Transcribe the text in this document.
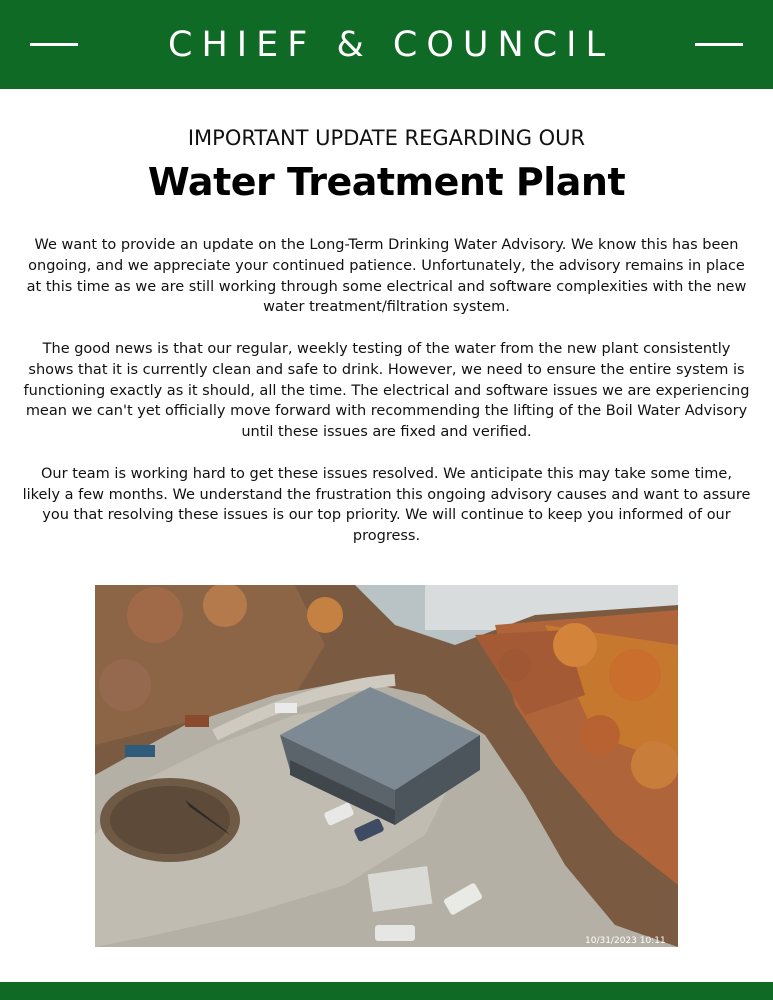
CHIEF & COUNCIL
IMPORTANT UPDATE REGARDING OUR
Water Treatment Plant

We want to provide an update on the Long-Term Drinking Water Advisory. We know this has been ongoing, and we appreciate your continued patience. Unfortunately, the advisory remains in place at this time as we are still working through some electrical and software complexities with the new water treatment/filtration system.

The good news is that our regular, weekly testing of the water from the new plant consistently shows that it is currently clean and safe to drink. However, we need to ensure the entire system is functioning exactly as it should, all the time. The electrical and software issues we are experiencing mean we can't yet officially move forward with recommending the lifting of the Boil Water Advisory until these issues are fixed and verified.

Our team is working hard to get these issues resolved. We anticipate this may take some time, likely a few months. We understand the frustration this ongoing advisory causes and want to assure you that resolving these issues is our top priority. We will continue to keep you informed of our progress.

10/31/2023 10:11
